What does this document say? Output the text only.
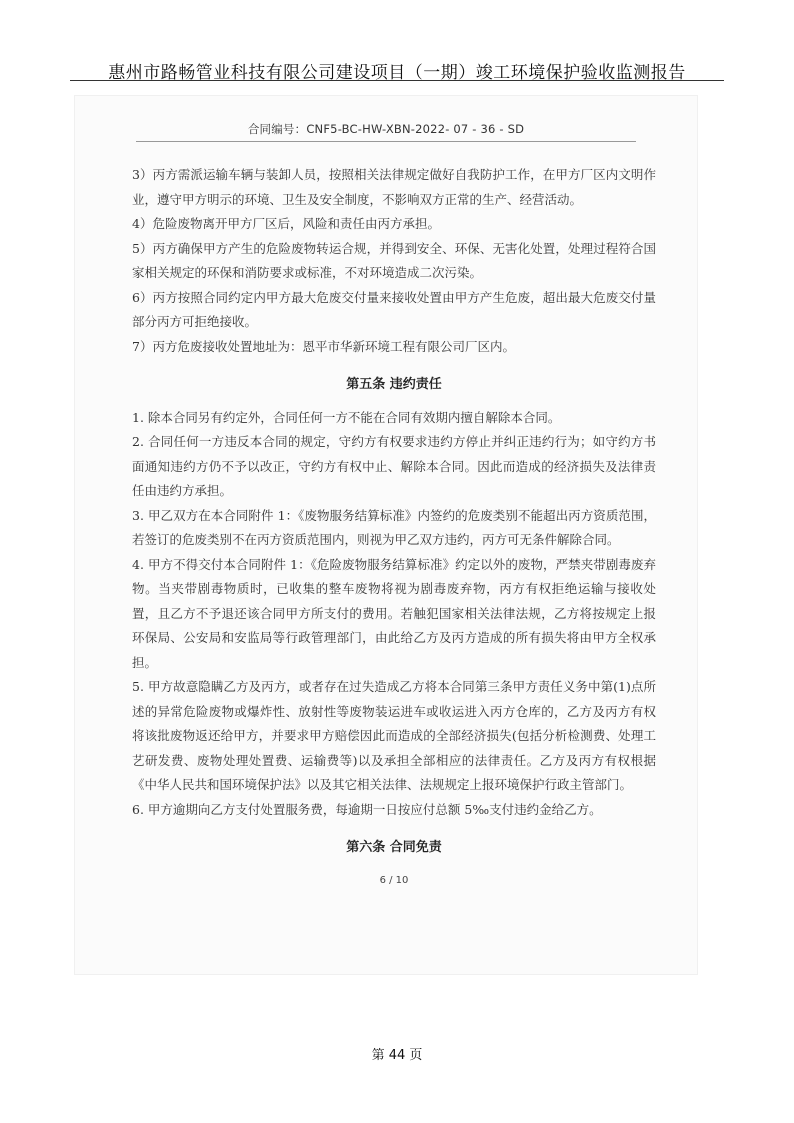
惠州市路畅管业科技有限公司建设项目（一期）竣工环境保护验收监测报告
合同编号：CNF5-BC-HW-XBN-2022- 07 - 36 - SD

3）丙方需派运输车辆与装卸人员，按照相关法律规定做好自我防护工作，在甲方厂区内文明作业，遵守甲方明示的环境、卫生及安全制度，不影响双方正常的生产、经营活动。

4）危险废物离开甲方厂区后，风险和责任由丙方承担。

5）丙方确保甲方产生的危险废物转运合规，并得到安全、环保、无害化处置，处理过程符合国家相关规定的环保和消防要求或标准，不对环境造成二次污染。

6）丙方按照合同约定内甲方最大危废交付量来接收处置由甲方产生危废，超出最大危废交付量部分丙方可拒绝接收。

7）丙方危废接收处置地址为：恩平市华新环境工程有限公司厂区内。

第五条 违约责任

1. 除本合同另有约定外，合同任何一方不能在合同有效期内擅自解除本合同。

2. 合同任何一方违反本合同的规定，守约方有权要求违约方停止并纠正违约行为；如守约方书面通知违约方仍不予以改正，守约方有权中止、解除本合同。因此而造成的经济损失及法律责任由违约方承担。

3. 甲乙双方在本合同附件 1：《废物服务结算标准》内签约的危废类别不能超出丙方资质范围，若签订的危废类别不在丙方资质范围内，则视为甲乙双方违约，丙方可无条件解除合同。

4. 甲方不得交付本合同附件 1：《危险废物服务结算标准》约定以外的废物，严禁夹带剧毒废弃物。当夹带剧毒物质时，已收集的整车废物将视为剧毒废弃物，丙方有权拒绝运输与接收处置，且乙方不予退还该合同甲方所支付的费用。若触犯国家相关法律法规，乙方将按规定上报环保局、公安局和安监局等行政管理部门，由此给乙方及丙方造成的所有损失将由甲方全权承担。

5. 甲方故意隐瞒乙方及丙方，或者存在过失造成乙方将本合同第三条甲方责任义务中第(1)点所述的异常危险废物或爆炸性、放射性等废物装运进车或收运进入丙方仓库的，乙方及丙方有权将该批废物返还给甲方，并要求甲方赔偿因此而造成的全部经济损失(包括分析检测费、处理工艺研发费、废物处理处置费、运输费等)以及承担全部相应的法律责任。乙方及丙方有权根据《中华人民共和国环境保护法》以及其它相关法律、法规规定上报环境保护行政主管部门。

6. 甲方逾期向乙方支付处置服务费，每逾期一日按应付总额 5‰支付违约金给乙方。

第六条 合同免责
6 / 10
第 44 页
